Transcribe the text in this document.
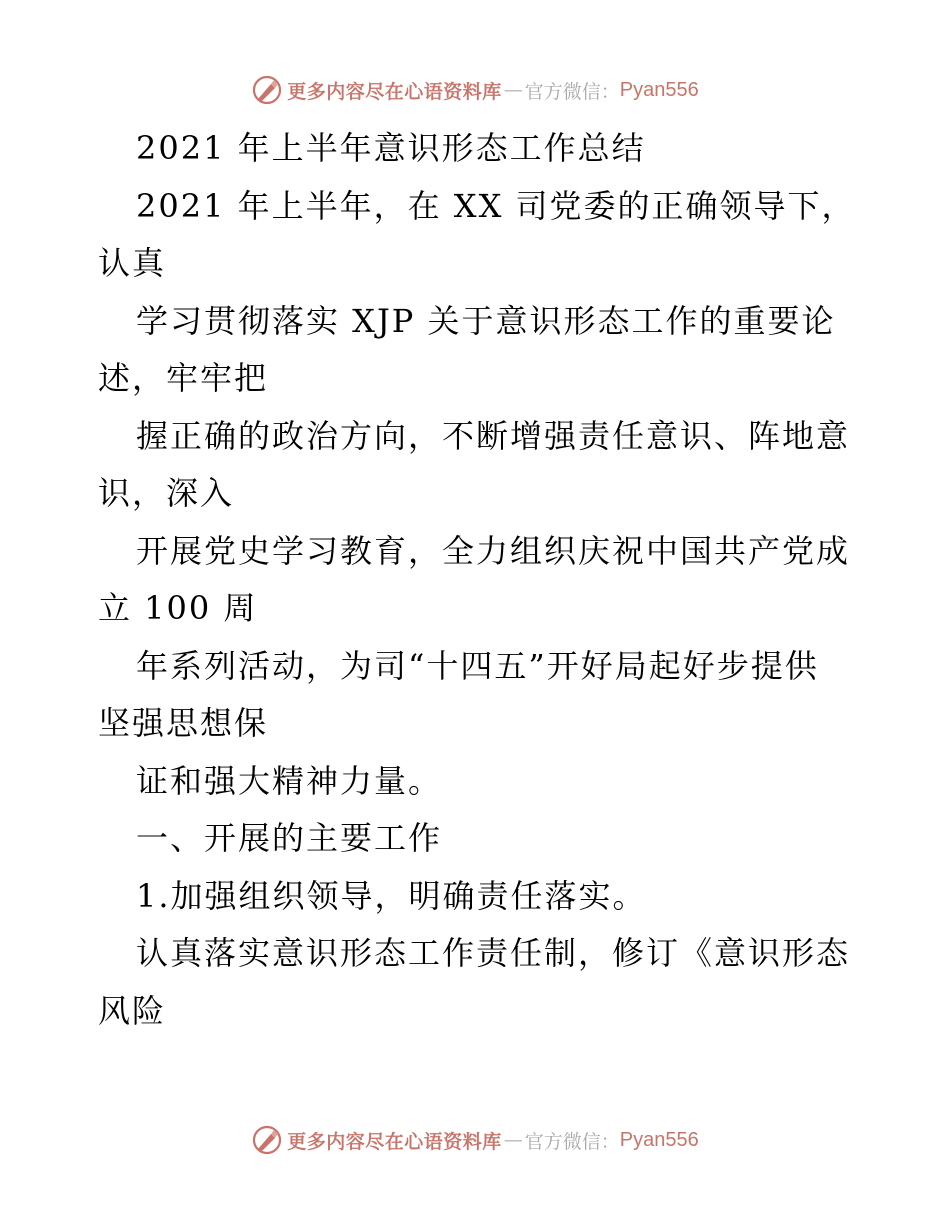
更多内容尽在心语资料库 — 官方微信： Pyan556
2021 年上半年意识形态工作总结
2021 年上半年，在 XX 司党委的正确领导下，
认真
学习贯彻落实 XJP 关于意识形态工作的重要论
述，牢牢把
握正确的政治方向，不断增强责任意识、阵地意
识，深入
开展党史学习教育，全力组织庆祝中国共产党成
立 100 周
年系列活动，为司“十四五”开好局起好步提供
坚强思想保
证和强大精神力量。
一、开展的主要工作
1.加强组织领导，明确责任落实。
认真落实意识形态工作责任制，修订《意识形态
风险
更多内容尽在心语资料库 — 官方微信： Pyan556
